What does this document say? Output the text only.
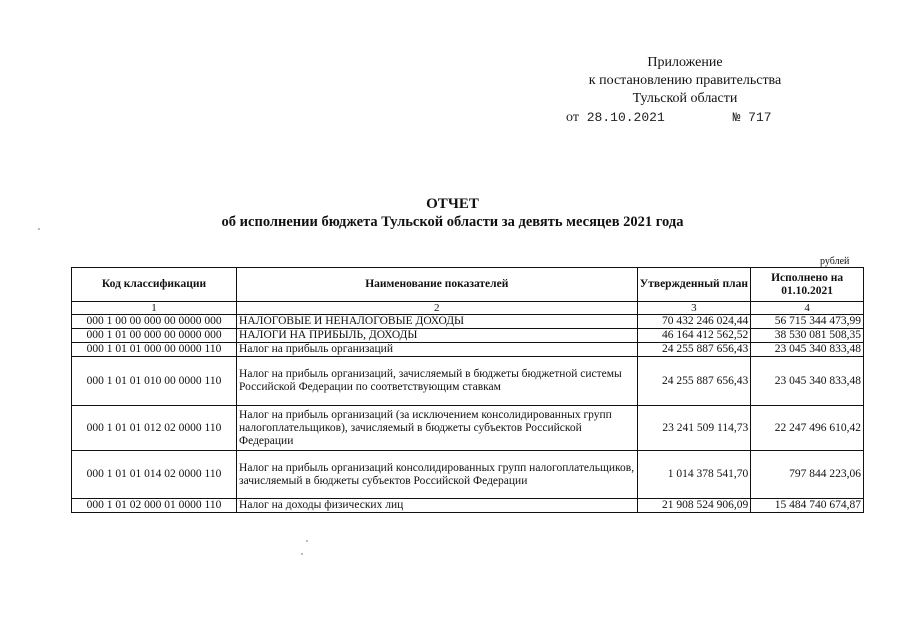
Приложение
к постановлению правительства
Тульской области
от 28.10.2021	№ 717
ОТЧЕТ
об исполнении бюджета Тульской области за девять месяцев 2021 года
рублей
Код классификации	Наименование показателей	Утвержденный план	Исполнено на 01.10.2021
1	2	3	4
000 1 00 00 000 00 0000 000	НАЛОГОВЫЕ И НЕНАЛОГОВЫЕ ДОХОДЫ	70 432 246 024,44	56 715 344 473,99
000 1 01 00 000 00 0000 000	НАЛОГИ НА ПРИБЫЛЬ, ДОХОДЫ	46 164 412 562,52	38 530 081 508,35
000 1 01 01 000 00 0000 110	Налог на прибыль организаций	24 255 887 656,43	23 045 340 833,48
000 1 01 01 010 00 0000 110	Налог на прибыль организаций, зачисляемый в бюджеты бюджетной системы Российской Федерации по соответствующим ставкам	24 255 887 656,43	23 045 340 833,48
000 1 01 01 012 02 0000 110	Налог на прибыль организаций (за исключением консолидированных групп налогоплательщиков), зачисляемый в бюджеты субъектов Российской Федерации	23 241 509 114,73	22 247 496 610,42
000 1 01 01 014 02 0000 110	Налог на прибыль организаций консолидированных групп налогоплательщиков, зачисляемый в бюджеты субъектов Российской Федерации	1 014 378 541,70	797 844 223,06
000 1 01 02 000 01 0000 110	Налог на доходы физических лиц	21 908 524 906,09	15 484 740 674,87
